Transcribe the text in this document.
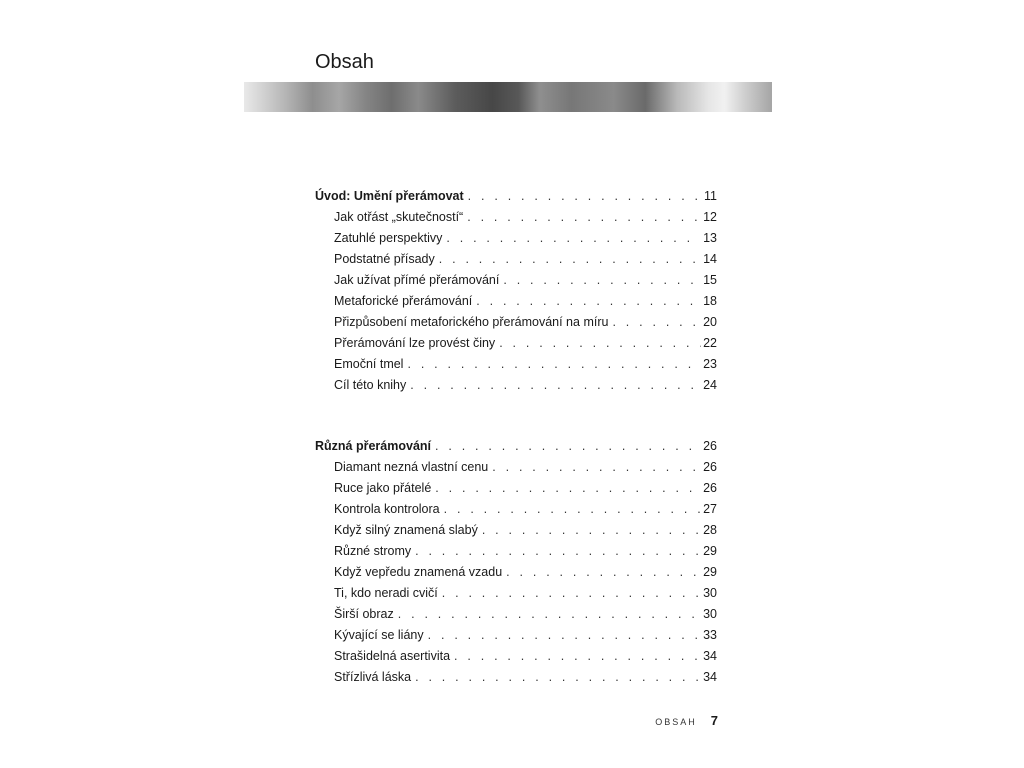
Obsah
Úvod: Umění přerámovat . . .	11
Jak otřást „skutečností“ . . .	12
Zatuhlé perspektivy . . .	13
Podstatné přísady . . .	14
Jak užívat přímé přerámování . . .	15
Metaforické přerámování . . .	18
Přizpůsobení metaforického přerámování na míru . . .	20
Přerámování lze provést činy . . .	22
Emoční tmel . . .	23
Cíl této knihy . . .	24
Různá přerámování . . .	26
Diamant nezná vlastní cenu . . .	26
Ruce jako přátelé . . .	26
Kontrola kontrolora . . .	27
Když silný znamená slabý . . .	28
Různé stromy . . .	29
Když vepředu znamená vzadu . . .	29
Ti, kdo neradi cvičí . . .	30
Širší obraz . . .	30
Kývající se liány . . .	33
Strašidelná asertivita . . .	34
Střízlivá láska . . .	34
OBSAH 7
